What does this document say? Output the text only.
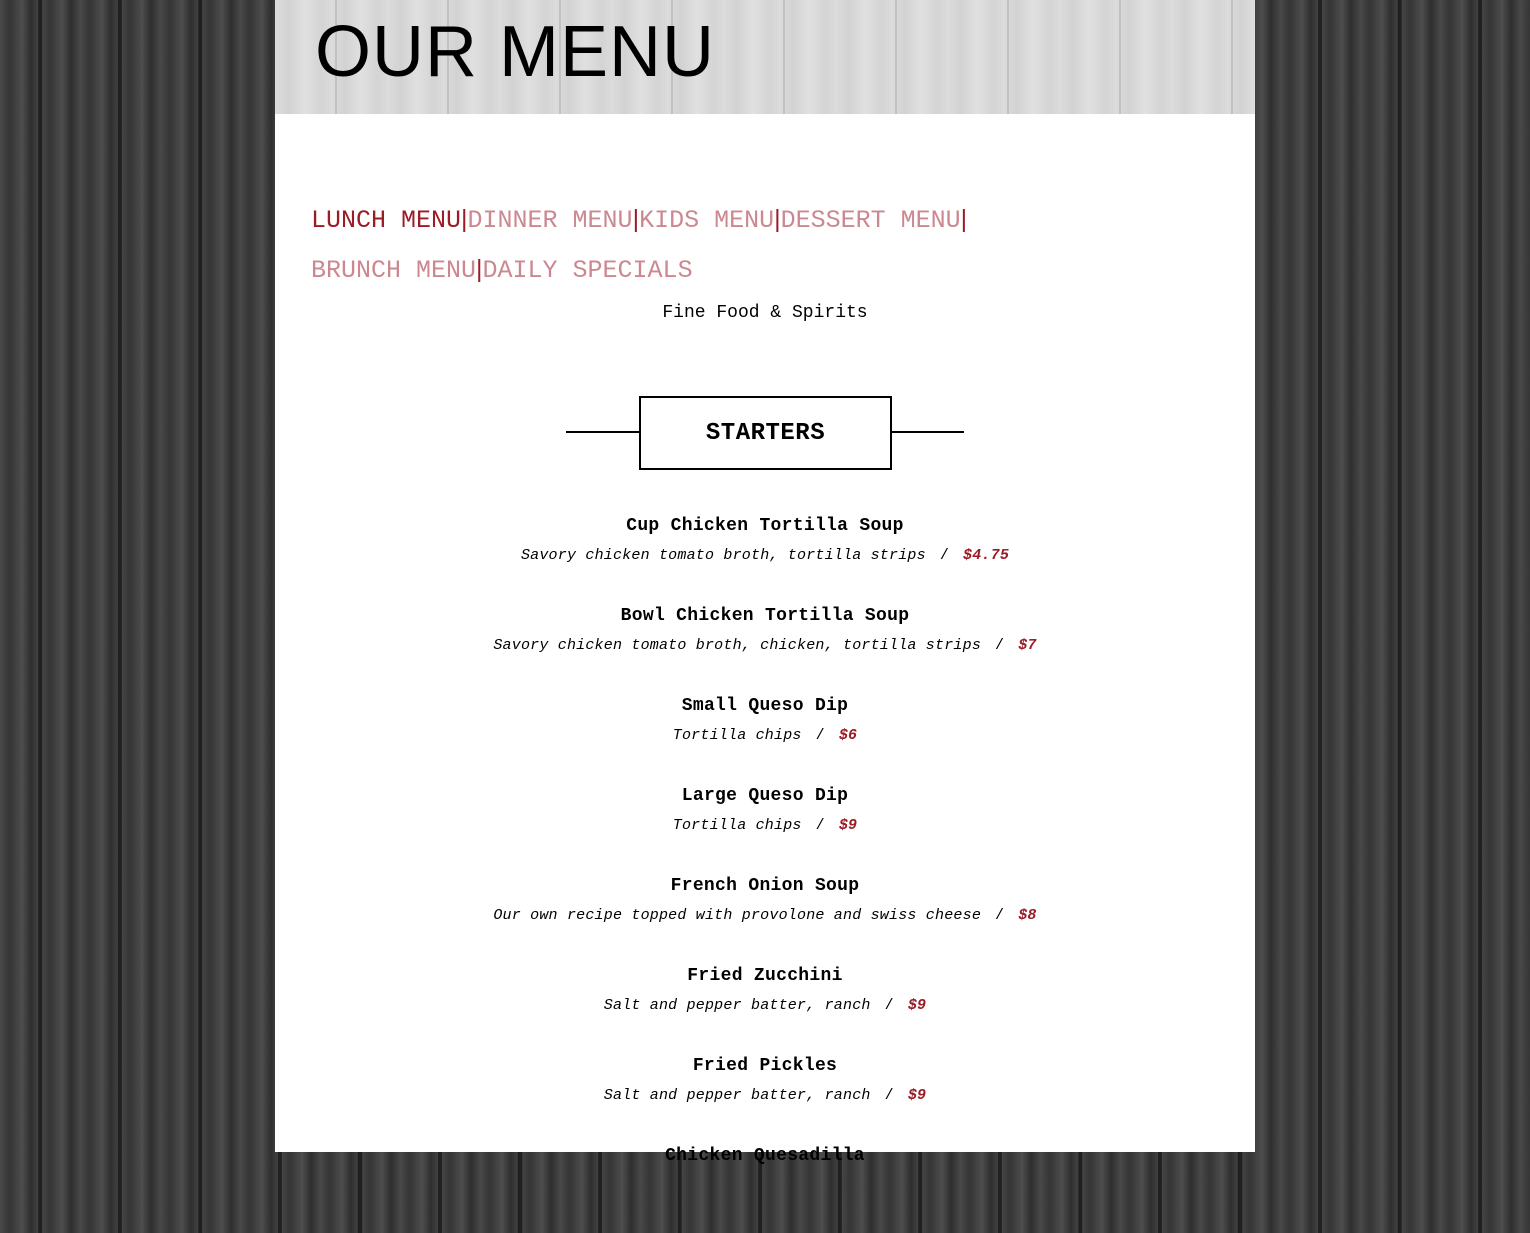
OUR MENU
LUNCH MENU|DINNER MENU|KIDS MENU|DESSERT MENU|
BRUNCH MENU|DAILY SPECIALS
Fine Food & Spirits
STARTERS
Cup Chicken Tortilla Soup
Savory chicken tomato broth, tortilla strips / $4.75
Bowl Chicken Tortilla Soup
Savory chicken tomato broth, chicken, tortilla strips / $7
Small Queso Dip
Tortilla chips / $6
Large Queso Dip
Tortilla chips / $9
French Onion Soup
Our own recipe topped with provolone and swiss cheese / $8
Fried Zucchini
Salt and pepper batter, ranch / $9
Fried Pickles
Salt and pepper batter, ranch / $9
Chicken Quesadilla
